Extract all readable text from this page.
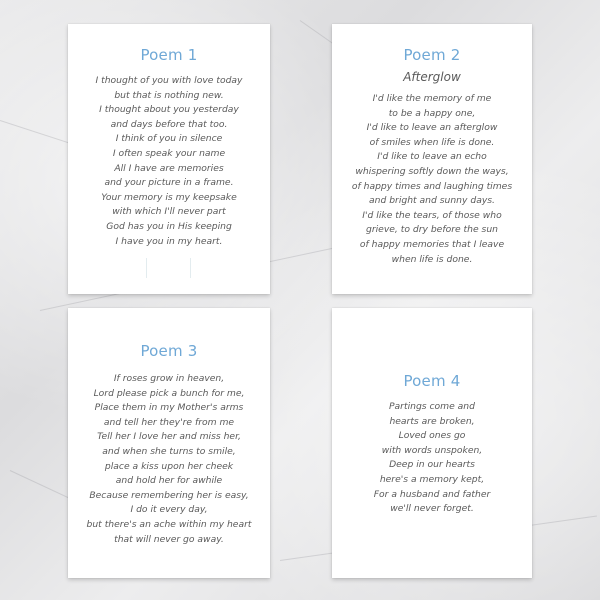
Poem 1
I thought of you with love today
but that is nothing new.
I thought about you yesterday
and days before that too.
I think of you in silence
I often speak your name
All I have are memories
and your picture in a frame.
Your memory is my keepsake
with which I'll never part
God has you in His keeping
I have you in my heart.
Poem 2
Afterglow
I'd like the memory of me
to be a happy one,
I'd like to leave an afterglow
of smiles when life is done.
I'd like to leave an echo
whispering softly down the ways,
of happy times and laughing times
and bright and sunny days.
I'd like the tears, of those who
grieve, to dry before the sun
of happy memories that I leave
when life is done.
Poem 3
If roses grow in heaven,
Lord please pick a bunch for me,
Place them in my Mother's arms
and tell her they're from me
Tell her I love her and miss her,
and when she turns to smile,
place a kiss upon her cheek
and hold her for awhile
Because remembering her is easy,
I do it every day,
but there's an ache within my heart
that will never go away.
Poem 4
Partings come and
hearts are broken,
Loved ones go
with words unspoken,
Deep in our hearts
here's a memory kept,
For a husband and father
we'll never forget.
